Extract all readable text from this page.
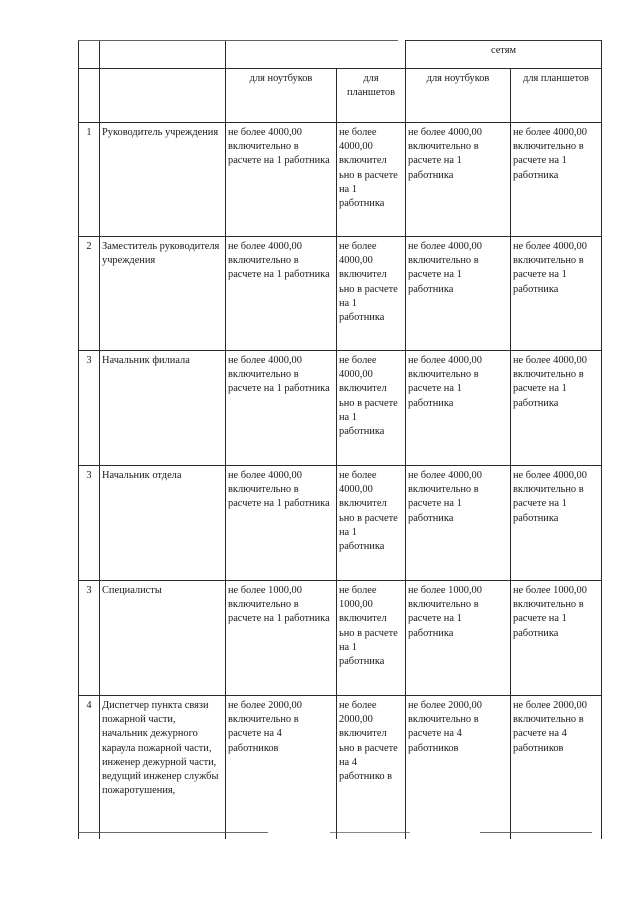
				сетям	
		для ноутбуков	для планшетов	для ноутбуков	для планшетов
1	Руководитель учреждения	не более 4000,00 включительно в расчете на 1 работника	не более 4000,00 включител ьно в расчете на 1 работника	не более 4000,00 включительно в расчете на 1 работника	не более 4000,00 включительно в расчете на 1 работника
2	Заместитель руководителя учреждения	не более 4000,00 включительно в расчете на 1 работника	не более 4000,00 включител ьно в расчете на 1 работника	не более 4000,00 включительно в расчете на 1 работника	не более 4000,00 включительно в расчете на 1 работника
3	Начальник филиала	не более 4000,00 включительно в расчете на 1 работника	не более 4000,00 включител ьно в расчете на 1 работника	не более 4000,00 включительно в расчете на 1 работника	не более 4000,00 включительно в расчете на 1 работника
3	Начальник отдела	не более 4000,00 включительно в расчете на 1 работника	не более 4000,00 включител ьно в расчете на 1 работника	не более 4000,00 включительно в расчете на 1 работника	не более 4000,00 включительно в расчете на 1 работника
3	Специалисты	не более 1000,00 включительно в расчете на 1 работника	не более 1000,00 включител ьно в расчете на 1 работника	не более 1000,00 включительно в расчете на 1 работника	не более 1000,00 включительно в расчете на 1 работника
4	Диспетчер пункта связи пожарной части, начальник дежурного караула пожарной части, инженер дежурной части, ведущий инженер службы пожаротушения,	не более 2000,00 включительно в расчете на 4 работников	не более 2000,00 включител ьно в расчете на 4 работнико в	не более 2000,00 включительно в расчете на 4 работников	не более 2000,00 включительно в расчете на 4 работников
